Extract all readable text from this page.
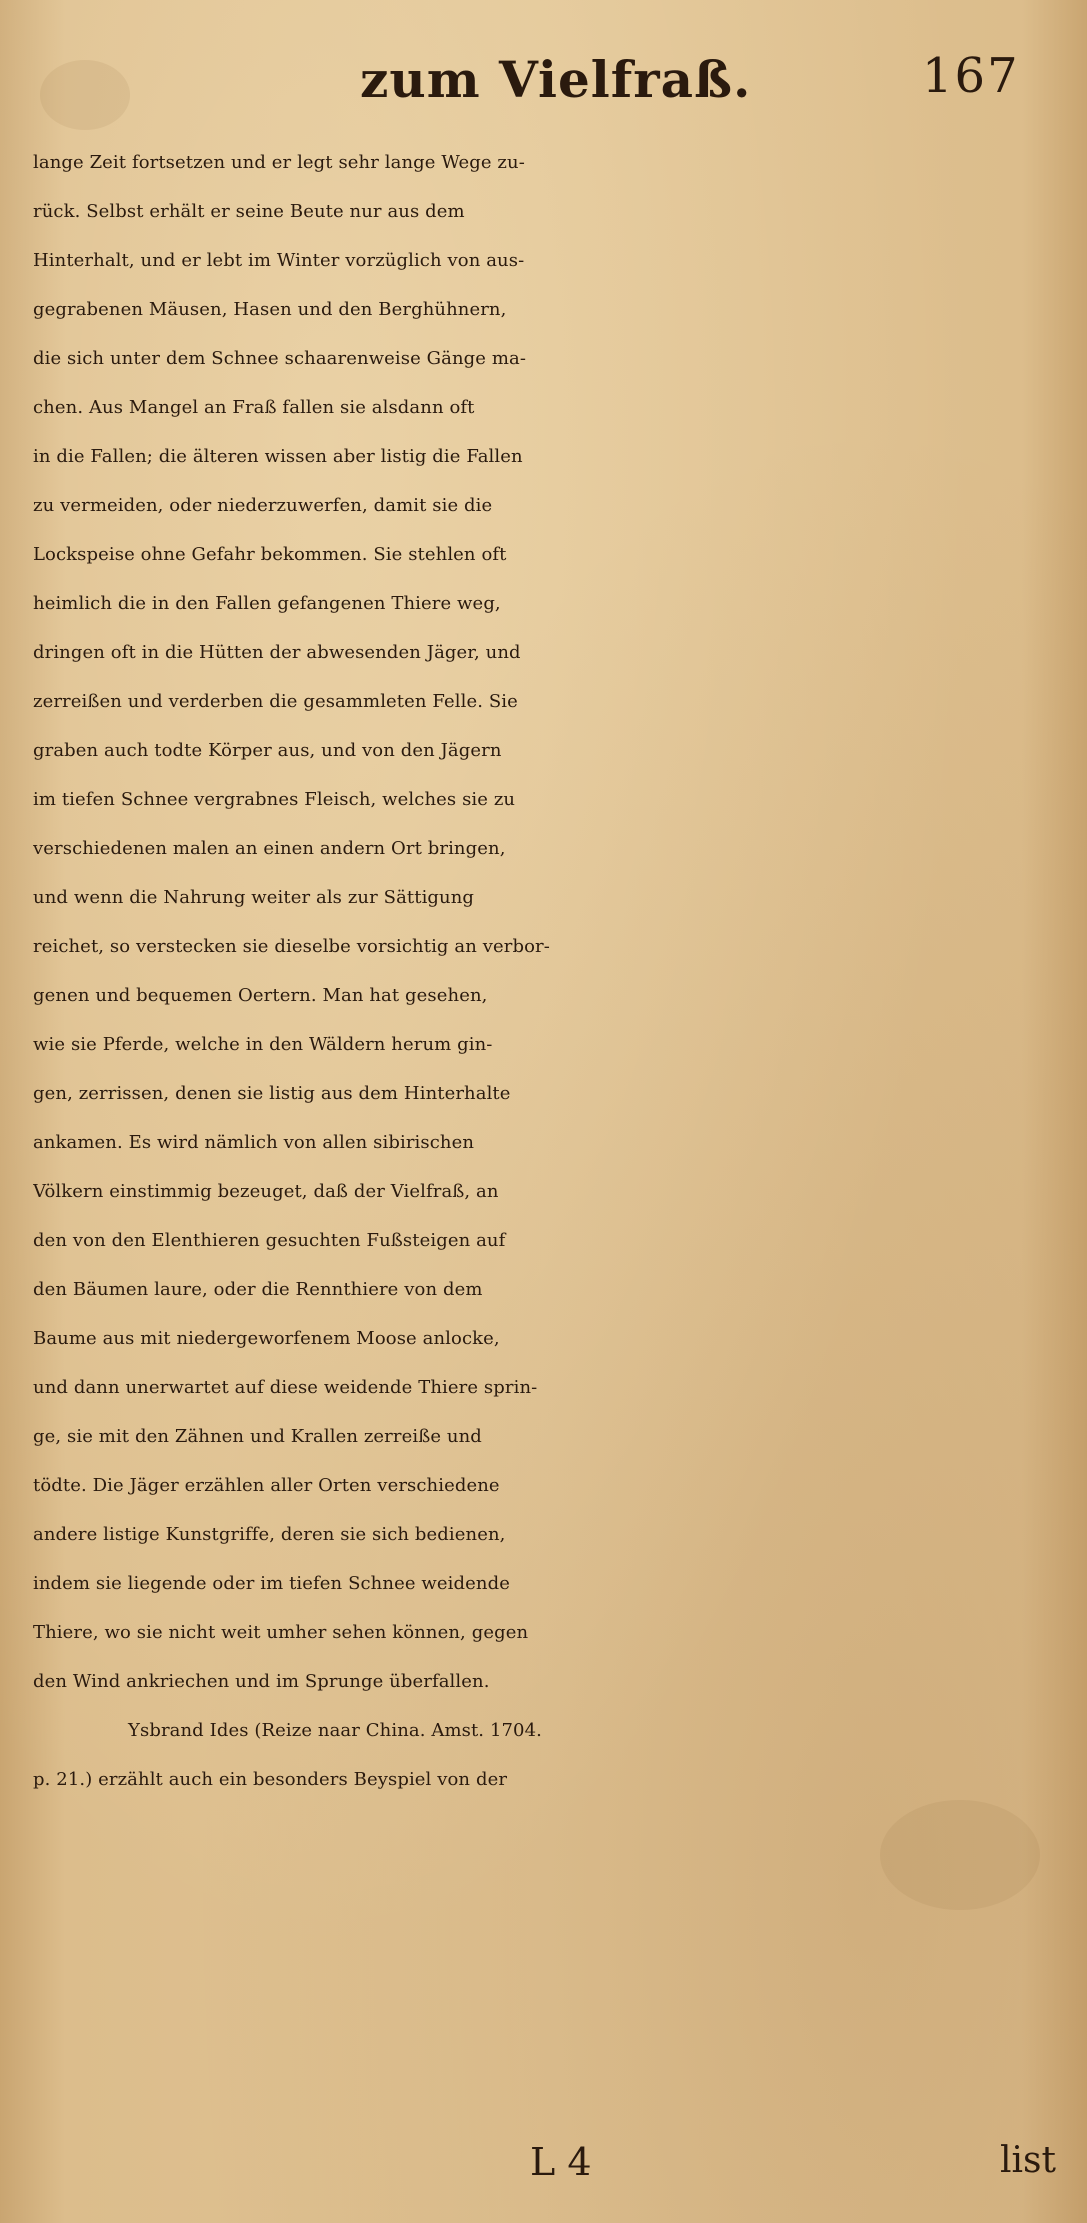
zum Vielfraß.	167
lange Zeit fortsetzen und er legt sehr lange Wege zu-
rück. Selbst erhält er seine Beute nur aus dem
Hinterhalt, und er lebt im Winter vorzüglich von aus-
gegrabenen Mäusen, Hasen und den Berghühnern,
die sich unter dem Schnee schaarenweise Gänge ma-
chen. Aus Mangel an Fraß fallen sie alsdann oft
in die Fallen; die älteren wissen aber listig die Fallen
zu vermeiden, oder niederzuwerfen, damit sie die
Lockspeise ohne Gefahr bekommen. Sie stehlen oft
heimlich die in den Fallen gefangenen Thiere weg,
dringen oft in die Hütten der abwesenden Jäger, und
zerreißen und verderben die gesammleten Felle. Sie
graben auch todte Körper aus, und von den Jägern
im tiefen Schnee vergrabnes Fleisch, welches sie zu
verschiedenen malen an einen andern Ort bringen,
und wenn die Nahrung weiter als zur Sättigung
reichet, so verstecken sie dieselbe vorsichtig an verbor-
genen und bequemen Oertern. Man hat gesehen,
wie sie Pferde, welche in den Wäldern herum gin-
gen, zerrissen, denen sie listig aus dem Hinterhalte
ankamen. Es wird nämlich von allen sibirischen
Völkern einstimmig bezeuget, daß der Vielfraß, an
den von den Elenthieren gesuchten Fußsteigen auf
den Bäumen laure, oder die Rennthiere von dem
Baume aus mit niedergeworfenem Moose anlocke,
und dann unerwartet auf diese weidende Thiere sprin-
ge, sie mit den Zähnen und Krallen zerreiße und
tödte. Die Jäger erzählen aller Orten verschiedene
andere listige Kunstgriffe, deren sie sich bedienen,
indem sie liegende oder im tiefen Schnee weidende
Thiere, wo sie nicht weit umher sehen können, gegen
den Wind ankriechen und im Sprunge überfallen.
Ysbrand Ides (Reize naar China. Amst. 1704.
p. 21.) erzählt auch ein besonders Beyspiel von der
L 4	list
